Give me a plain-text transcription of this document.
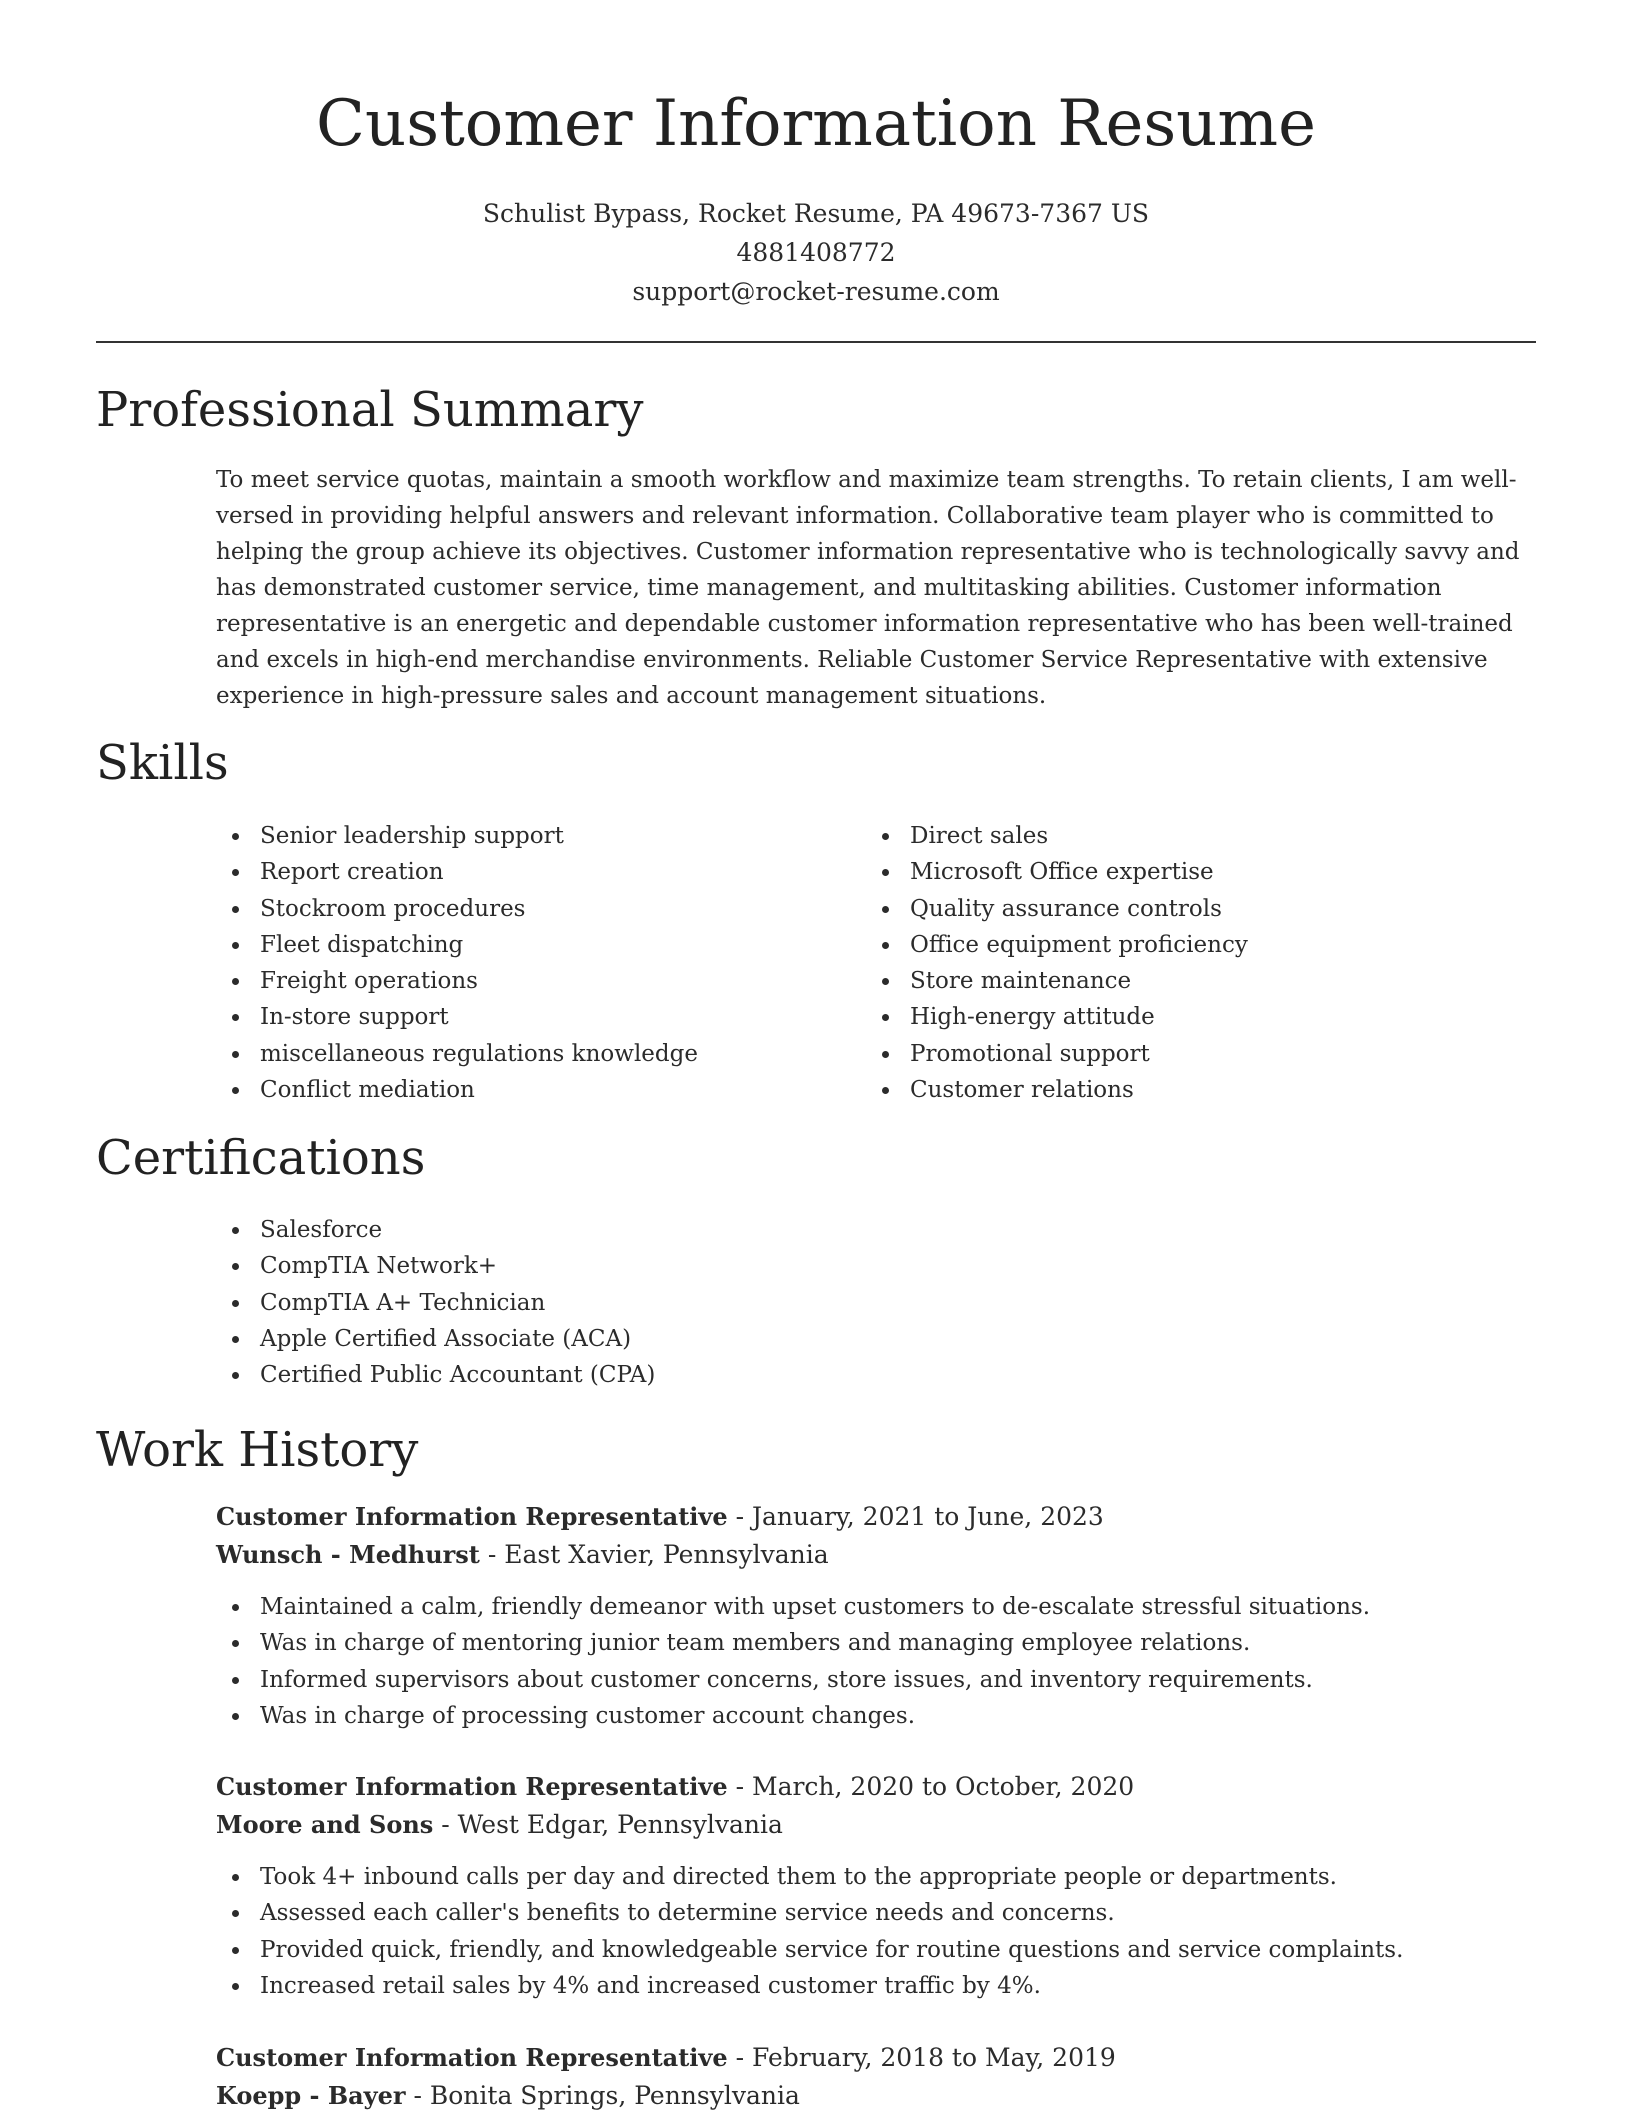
Customer Information Resume
Schulist Bypass, Rocket Resume, PA 49673-7367 US
4881408772
support@rocket-resume.com
Professional Summary

To meet service quotas, maintain a smooth workflow and maximize team strengths. To retain clients, I am well-versed in providing helpful answers and relevant information. Collaborative team player who is committed to helping the group achieve its objectives. Customer information representative who is technologically savvy and has demonstrated customer service, time management, and multitasking abilities. Customer information representative is an energetic and dependable customer information representative who has been well-trained and excels in high-end merchandise environments. Reliable Customer Service Representative with extensive experience in high-pressure sales and account management situations.

Skills
Senior leadership support
Report creation
Stockroom procedures
Fleet dispatching
Freight operations
In-store support
miscellaneous regulations knowledge
Conflict mediation
Direct sales
Microsoft Office expertise
Quality assurance controls
Office equipment proficiency
Store maintenance
High-energy attitude
Promotional support
Customer relations
Certifications
Salesforce
CompTIA Network+
CompTIA A+ Technician
Apple Certified Associate (ACA)
Certified Public Accountant (CPA)
Work History

Customer Information Representative - January, 2021 to June, 2023

Wunsch - Medhurst - East Xavier, Pennsylvania

Maintained a calm, friendly demeanor with upset customers to de-escalate stressful situations.
Was in charge of mentoring junior team members and managing employee relations.
Informed supervisors about customer concerns, store issues, and inventory requirements.
Was in charge of processing customer account changes.

Customer Information Representative - March, 2020 to October, 2020

Moore and Sons - West Edgar, Pennsylvania

Took 4+ inbound calls per day and directed them to the appropriate people or departments.
Assessed each caller's benefits to determine service needs and concerns.
Provided quick, friendly, and knowledgeable service for routine questions and service complaints.
Increased retail sales by 4% and increased customer traffic by 4%.

Customer Information Representative - February, 2018 to May, 2019

Koepp - Bayer - Bonita Springs, Pennsylvania
